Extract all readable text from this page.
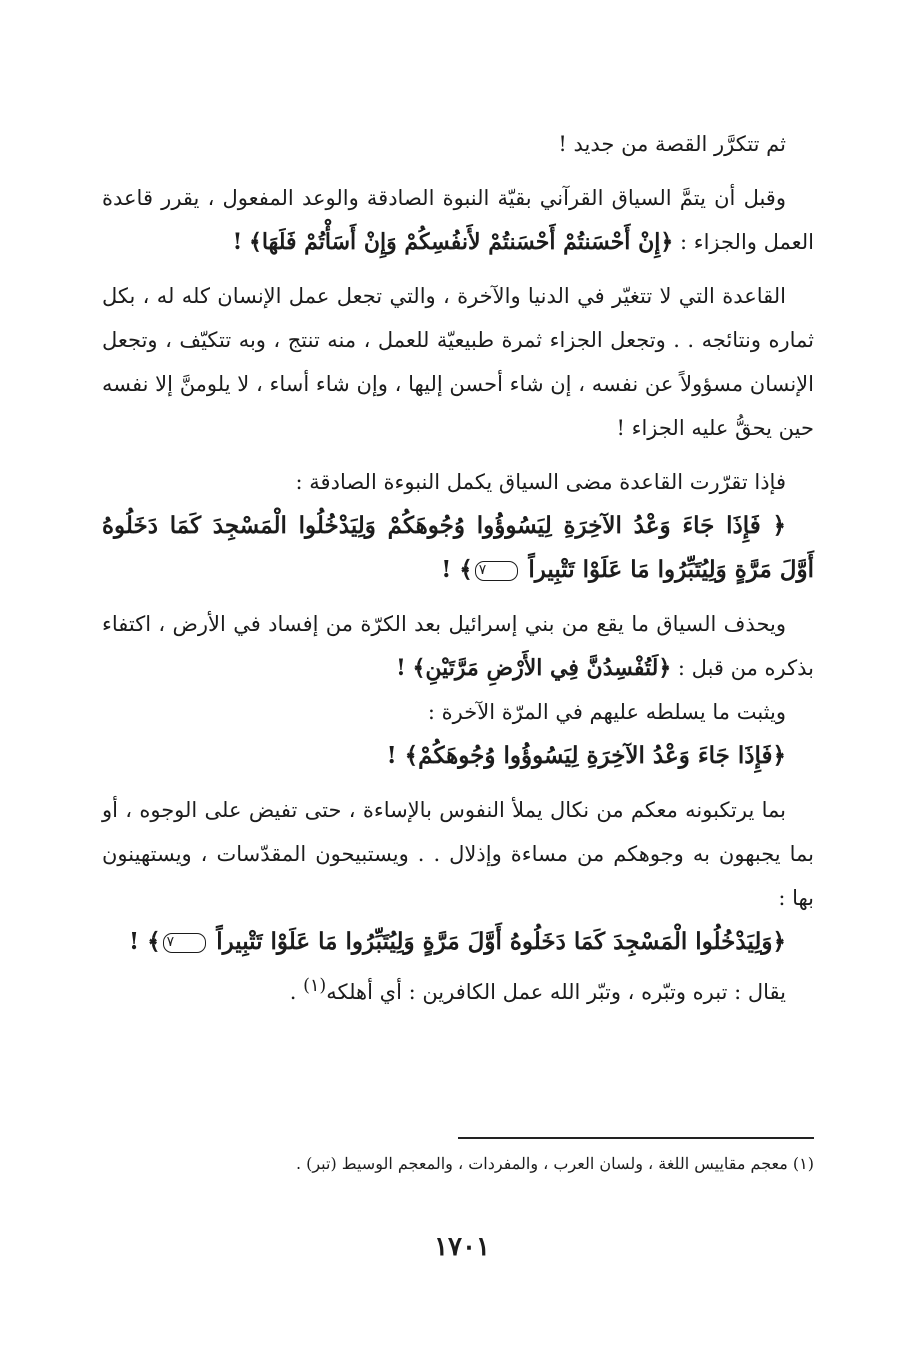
ثم تتكرَّر القصة من جديد !

وقبل أن يتمَّ السياق القرآني بقيّة النبوة الصادقة والوعد المفعول ، يقرر قاعدة العمل والجزاء : ﴿إِنْ أَحْسَنتُمْ أَحْسَنتُمْ لأَنفُسِكُمْ وَإِنْ أَسَأْتُمْ فَلَهَا﴾ !

القاعدة التي لا تتغيّر في الدنيا والآخرة ، والتي تجعل عمل الإنسان كله له ، بكل ثماره ونتائجه . . وتجعل الجزاء ثمرة طبيعيّة للعمل ، منه تنتج ، وبه تتكيّف ، وتجعل الإنسان مسؤولاً عن نفسه ، إن شاء أحسن إليها ، وإن شاء أساء ، لا يلومنَّ إلا نفسه حين يحقُّ عليه الجزاء !

فإذا تقرّرت القاعدة مضى السياق يكمل النبوءة الصادقة :

﴿ فَإِذَا جَاءَ وَعْدُ الآخِرَةِ لِيَسُوؤُوا وُجُوهَكُمْ وَلِيَدْخُلُوا الْمَسْجِدَ كَمَا دَخَلُوهُ أَوَّلَ مَرَّةٍ وَلِيُتَبِّرُوا مَا عَلَوْا تَتْبِيراً ٧﴾ !

ويحذف السياق ما يقع من بني إسرائيل بعد الكرّة من إفساد في الأرض ، اكتفاء بذكره من قبل : ﴿لَتُفْسِدُنَّ فِي الأَرْضِ مَرَّتَيْنِ﴾ !

ويثبت ما يسلطه عليهم في المرّة الآخرة :

﴿فَإِذَا جَاءَ وَعْدُ الآخِرَةِ لِيَسُوؤُوا وُجُوهَكُمْ﴾ !

بما يرتكبونه معكم من نكال يملأ النفوس بالإساءة ، حتى تفيض على الوجوه ، أو بما يجبهون به وجوهكم من مساءة وإذلال . . ويستبيحون المقدّسات ، ويستهينون بها :

﴿وَلِيَدْخُلُوا الْمَسْجِدَ كَمَا دَخَلُوهُ أَوَّلَ مَرَّةٍ وَلِيُتَبِّرُوا مَا عَلَوْا تَتْبِيراً ٧﴾ !

يقال : تبره وتبّره ، وتبّر الله عمل الكافرين : أي أهلكه$^{(١)}$ .

(١) معجم مقاييس اللغة ، ولسان العرب ، والمفردات ، والمعجم الوسيط (تبر) .

١٧٠١
